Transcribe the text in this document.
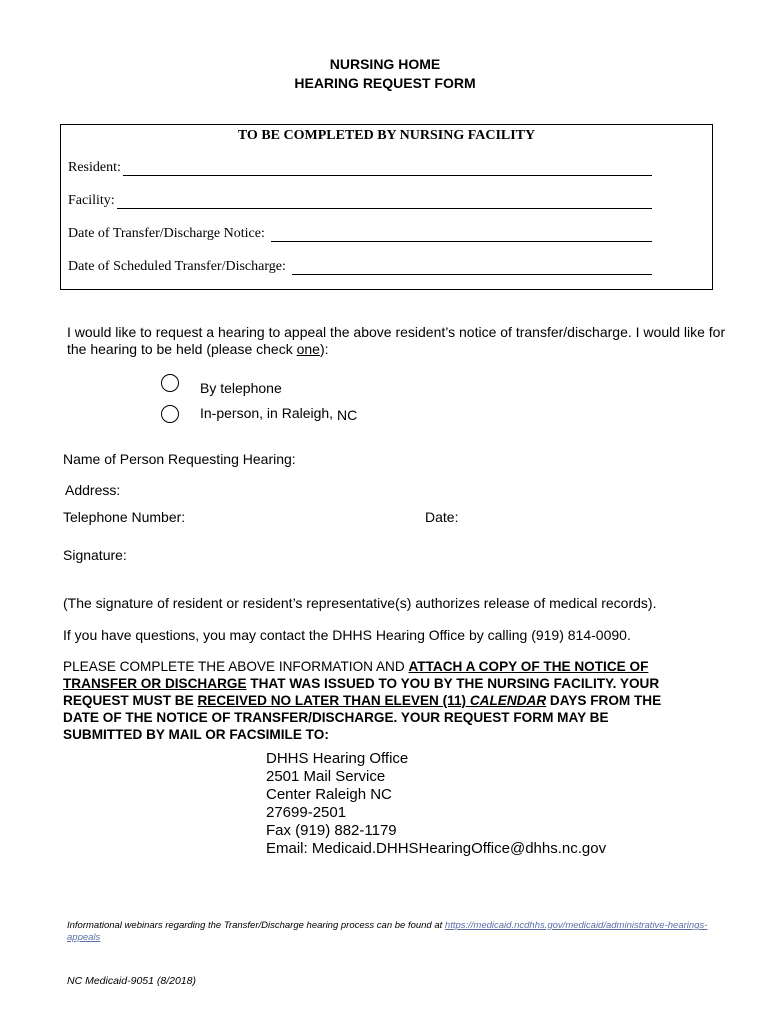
NURSING HOME
HEARING REQUEST FORM
TO BE COMPLETED BY NURSING FACILITY
Resident:
Facility:
Date of Transfer/Discharge Notice:
Date of Scheduled Transfer/Discharge:
I would like to request a hearing to appeal the above resident’s notice of transfer/discharge. I would like for the hearing to be held (please check one):
By telephone
In-person, in Raleigh, NC
Name of Person Requesting Hearing:
Address:
Telephone Number:	Date:
Signature:
(The signature of resident or resident’s representative(s) authorizes release of medical records).
If you have questions, you may contact the DHHS Hearing Office by calling (919) 814-0090.
PLEASE COMPLETE THE ABOVE INFORMATION AND ATTACH A COPY OF THE NOTICE OF TRANSFER OR DISCHARGE THAT WAS ISSUED TO YOU BY THE NURSING FACILITY. YOUR REQUEST MUST BE RECEIVED NO LATER THAN ELEVEN (11) CALENDAR DAYS FROM THE DATE OF THE NOTICE OF TRANSFER/DISCHARGE. YOUR REQUEST FORM MAY BE SUBMITTED BY MAIL OR FACSIMILE TO:
DHHS Hearing Office
2501 Mail Service
Center Raleigh NC
27699-2501
Fax (919) 882-1179
Email: Medicaid.DHHSHearingOffice@dhhs.nc.gov
Informational webinars regarding the Transfer/Discharge hearing process can be found at https://medicaid.ncdhhs.gov/medicaid/administrative-hearings-appeals
NC Medicaid-9051 (8/2018)
